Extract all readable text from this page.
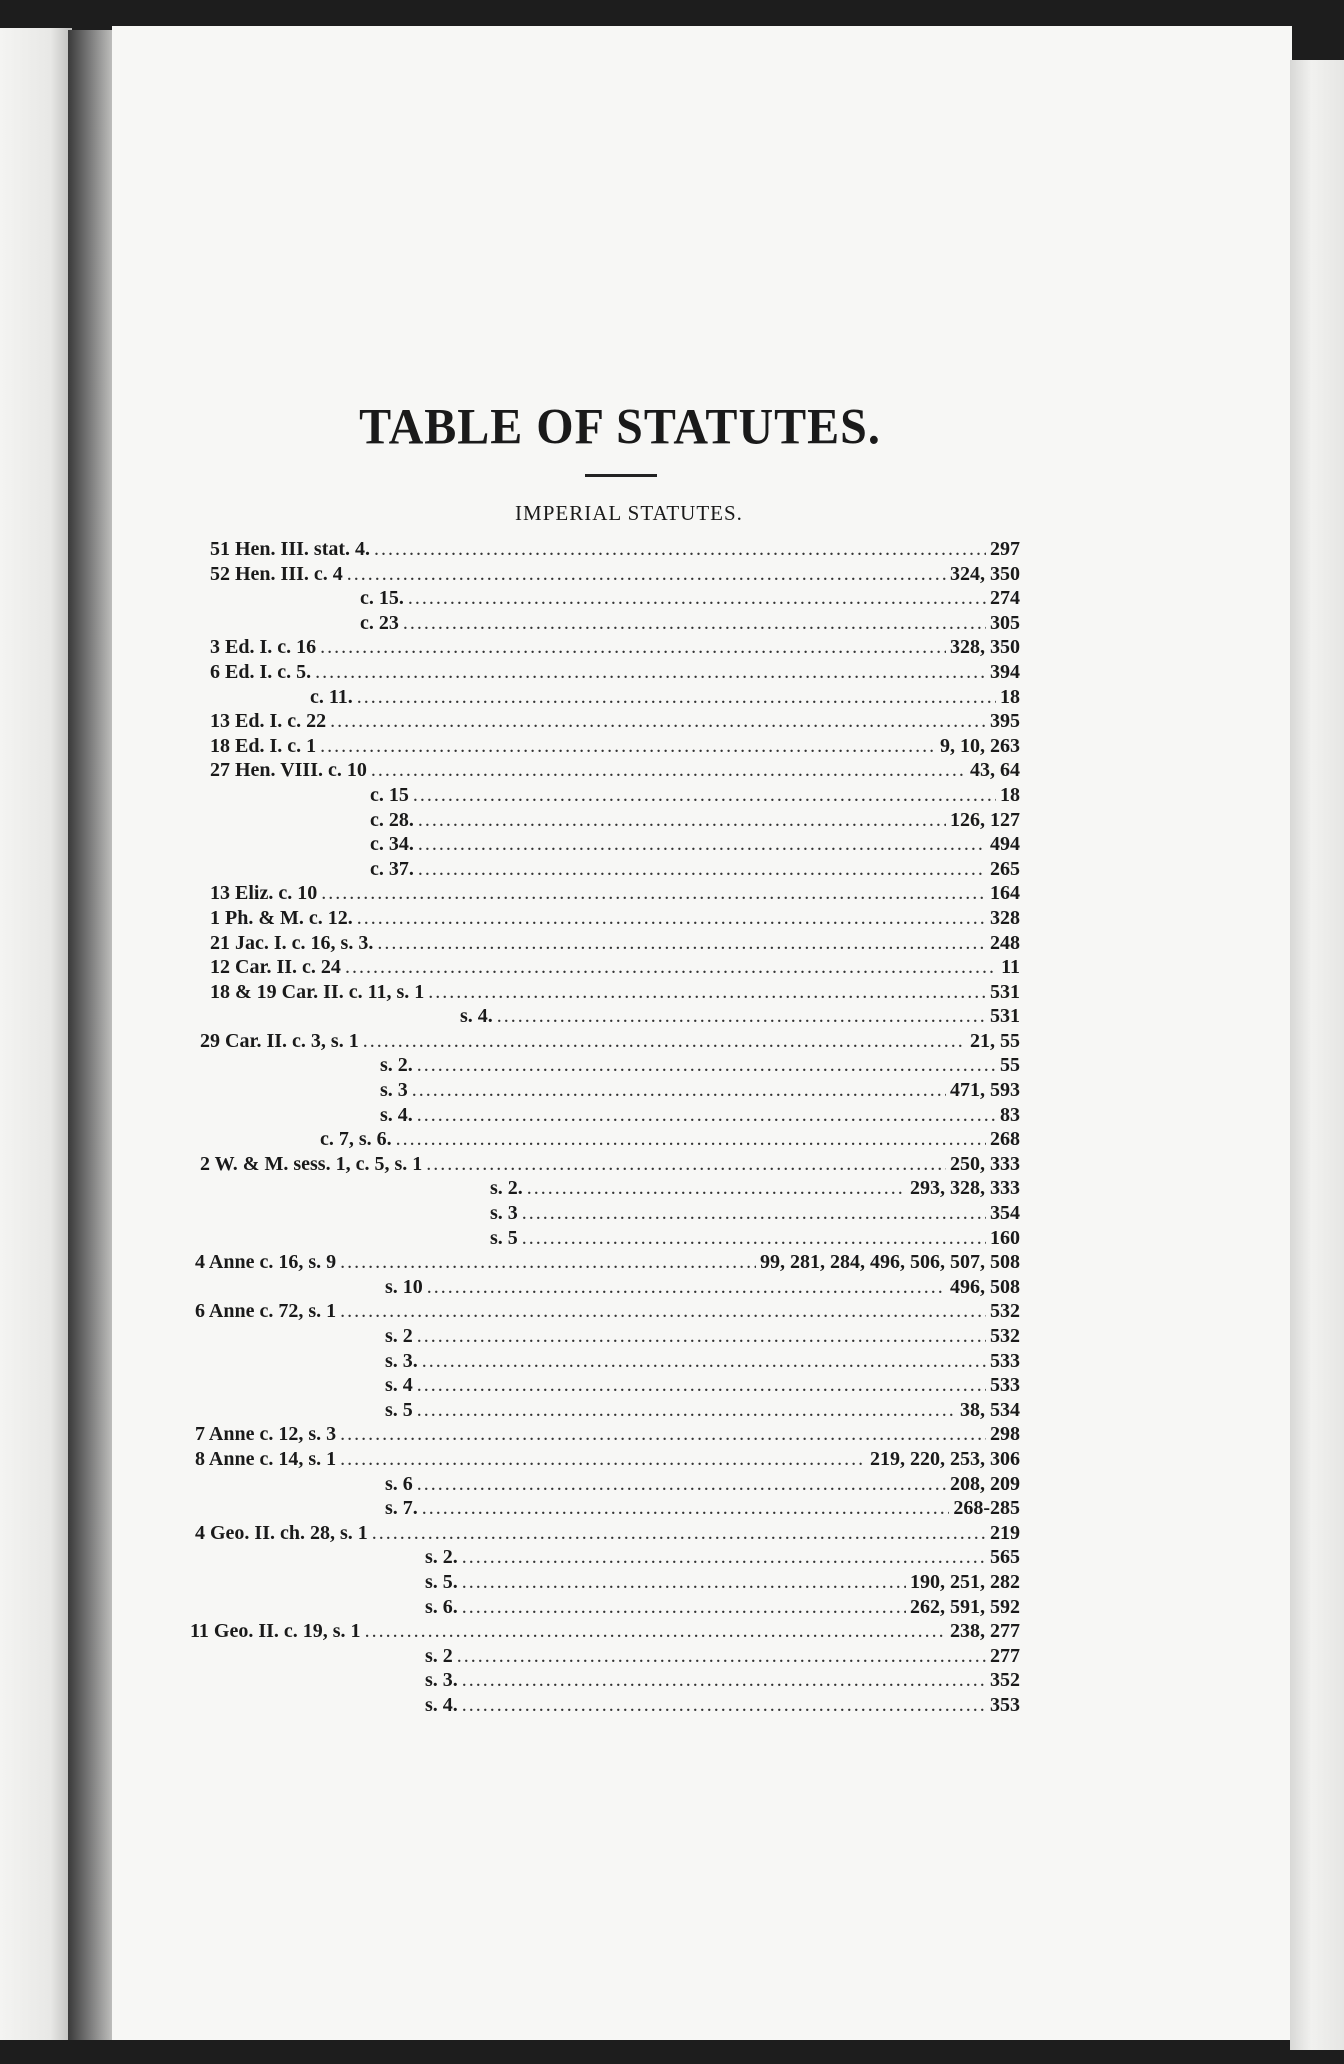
TABLE OF STATUTES.
IMPERIAL STATUTES.
51 Hen. III. stat. 4. .....	297
52 Hen. III. c. 4 .....	324, 350
c. 15. .....	274
c. 23 .....	305
3 Ed. I. c. 16 .....	328, 350
6 Ed. I. c. 5. .....	394
c. 11. .....	18
13 Ed. I. c. 22 .....	395
18 Ed. I. c. 1 .....	9, 10, 263
27 Hen. VIII. c. 10 .....	43, 64
c. 15 .....	18
c. 28. .....	126, 127
c. 34. .....	494
c. 37. .....	265
13 Eliz. c. 10 .....	164
1 Ph. & M. c. 12. .....	328
21 Jac. I. c. 16, s. 3. .....	248
12 Car. II. c. 24 .....	11
18 & 19 Car. II. c. 11, s. 1 .....	531
s. 4. .....	531
29 Car. II. c. 3, s. 1 .....	21, 55
s. 2. .....	55
s. 3 .....	471, 593
s. 4. .....	83
c. 7, s. 6. .....	268
2 W. & M. sess. 1, c. 5, s. 1 .....	250, 333
s. 2. .....	293, 328, 333
s. 3 .....	354
s. 5 .....	160
4 Anne c. 16, s. 9 .....	99, 281, 284, 496, 506, 507, 508
s. 10 .....	496, 508
6 Anne c. 72, s. 1 .....	532
s. 2 .....	532
s. 3. .....	533
s. 4 .....	533
s. 5 .....	38, 534
7 Anne c. 12, s. 3 .....	298
8 Anne c. 14, s. 1 .....	219, 220, 253, 306
s. 6 .....	208, 209
s. 7. .....	268-285
4 Geo. II. ch. 28, s. 1 .....	219
s. 2. .....	565
s. 5. .....	190, 251, 282
s. 6. .....	262, 591, 592
11 Geo. II. c. 19, s. 1 .....	238, 277
s. 2 .....	277
s. 3. .....	352
s. 4. .....	353
